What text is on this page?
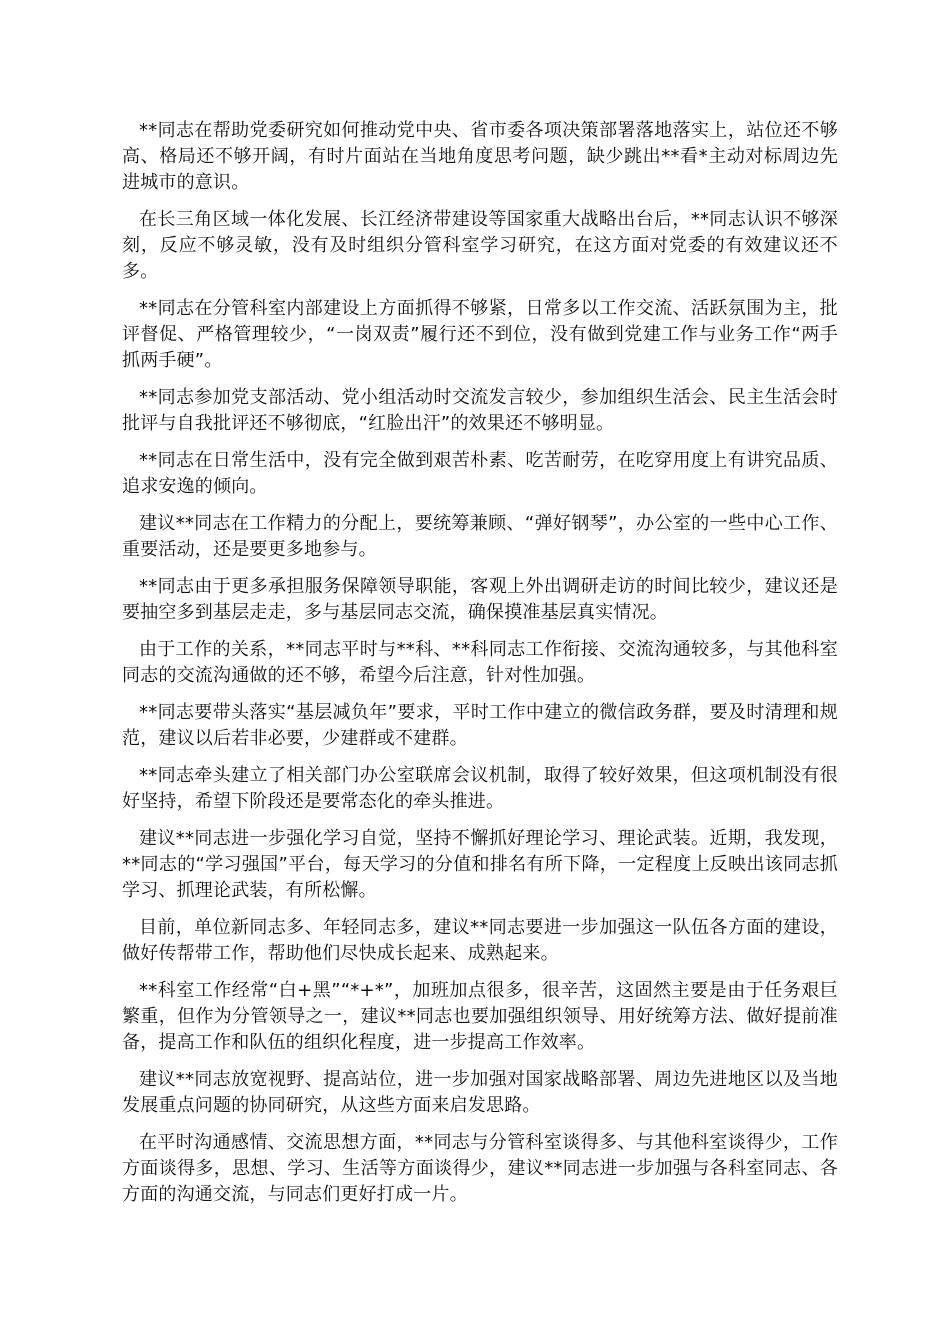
**同志在帮助党委研究如何推动党中央、省市委各项决策部署落地落实上，站位还不够高、格局还不够开阔，有时片面站在当地角度思考问题，缺少跳出**看*主动对标周边先进城市的意识。

在长三角区域一体化发展、长江经济带建设等国家重大战略出台后，**同志认识不够深刻，反应不够灵敏，没有及时组织分管科室学习研究，在这方面对党委的有效建议还不多。

**同志在分管科室内部建设上方面抓得不够紧，日常多以工作交流、活跃氛围为主，批评督促、严格管理较少，“一岗双责”履行还不到位，没有做到党建工作与业务工作“两手抓两手硬”。

**同志参加党支部活动、党小组活动时交流发言较少，参加组织生活会、民主生活会时批评与自我批评还不够彻底，“红脸出汗”的效果还不够明显。

**同志在日常生活中，没有完全做到艰苦朴素、吃苦耐劳，在吃穿用度上有讲究品质、追求安逸的倾向。

建议**同志在工作精力的分配上，要统筹兼顾、“弹好钢琴”，办公室的一些中心工作、重要活动，还是要更多地参与。

**同志由于更多承担服务保障领导职能，客观上外出调研走访的时间比较少，建议还是要抽空多到基层走走，多与基层同志交流，确保摸准基层真实情况。

由于工作的关系，**同志平时与**科、**科同志工作衔接、交流沟通较多，与其他科室同志的交流沟通做的还不够，希望今后注意，针对性加强。

**同志要带头落实“基层减负年”要求，平时工作中建立的微信政务群，要及时清理和规范，建议以后若非必要，少建群或不建群。

**同志牵头建立了相关部门办公室联席会议机制，取得了较好效果，但这项机制没有很好坚持，希望下阶段还是要常态化的牵头推进。

建议**同志进一步强化学习自觉，坚持不懈抓好理论学习、理论武装。近期，我发现，**同志的“学习强国”平台，每天学习的分值和排名有所下降，一定程度上反映出该同志抓学习、抓理论武装，有所松懈。

目前，单位新同志多、年轻同志多，建议**同志要进一步加强这一队伍各方面的建设，做好传帮带工作，帮助他们尽快成长起来、成熟起来。

**科室工作经常“白+黑”“*+*”，加班加点很多，很辛苦，这固然主要是由于任务艰巨繁重，但作为分管领导之一，建议**同志也要加强组织领导、用好统筹方法、做好提前准备，提高工作和队伍的组织化程度，进一步提高工作效率。

建议**同志放宽视野、提高站位，进一步加强对国家战略部署、周边先进地区以及当地发展重点问题的协同研究，从这些方面来启发思路。

在平时沟通感情、交流思想方面，**同志与分管科室谈得多、与其他科室谈得少，工作方面谈得多，思想、学习、生活等方面谈得少，建议**同志进一步加强与各科室同志、各方面的沟通交流，与同志们更好打成一片。
